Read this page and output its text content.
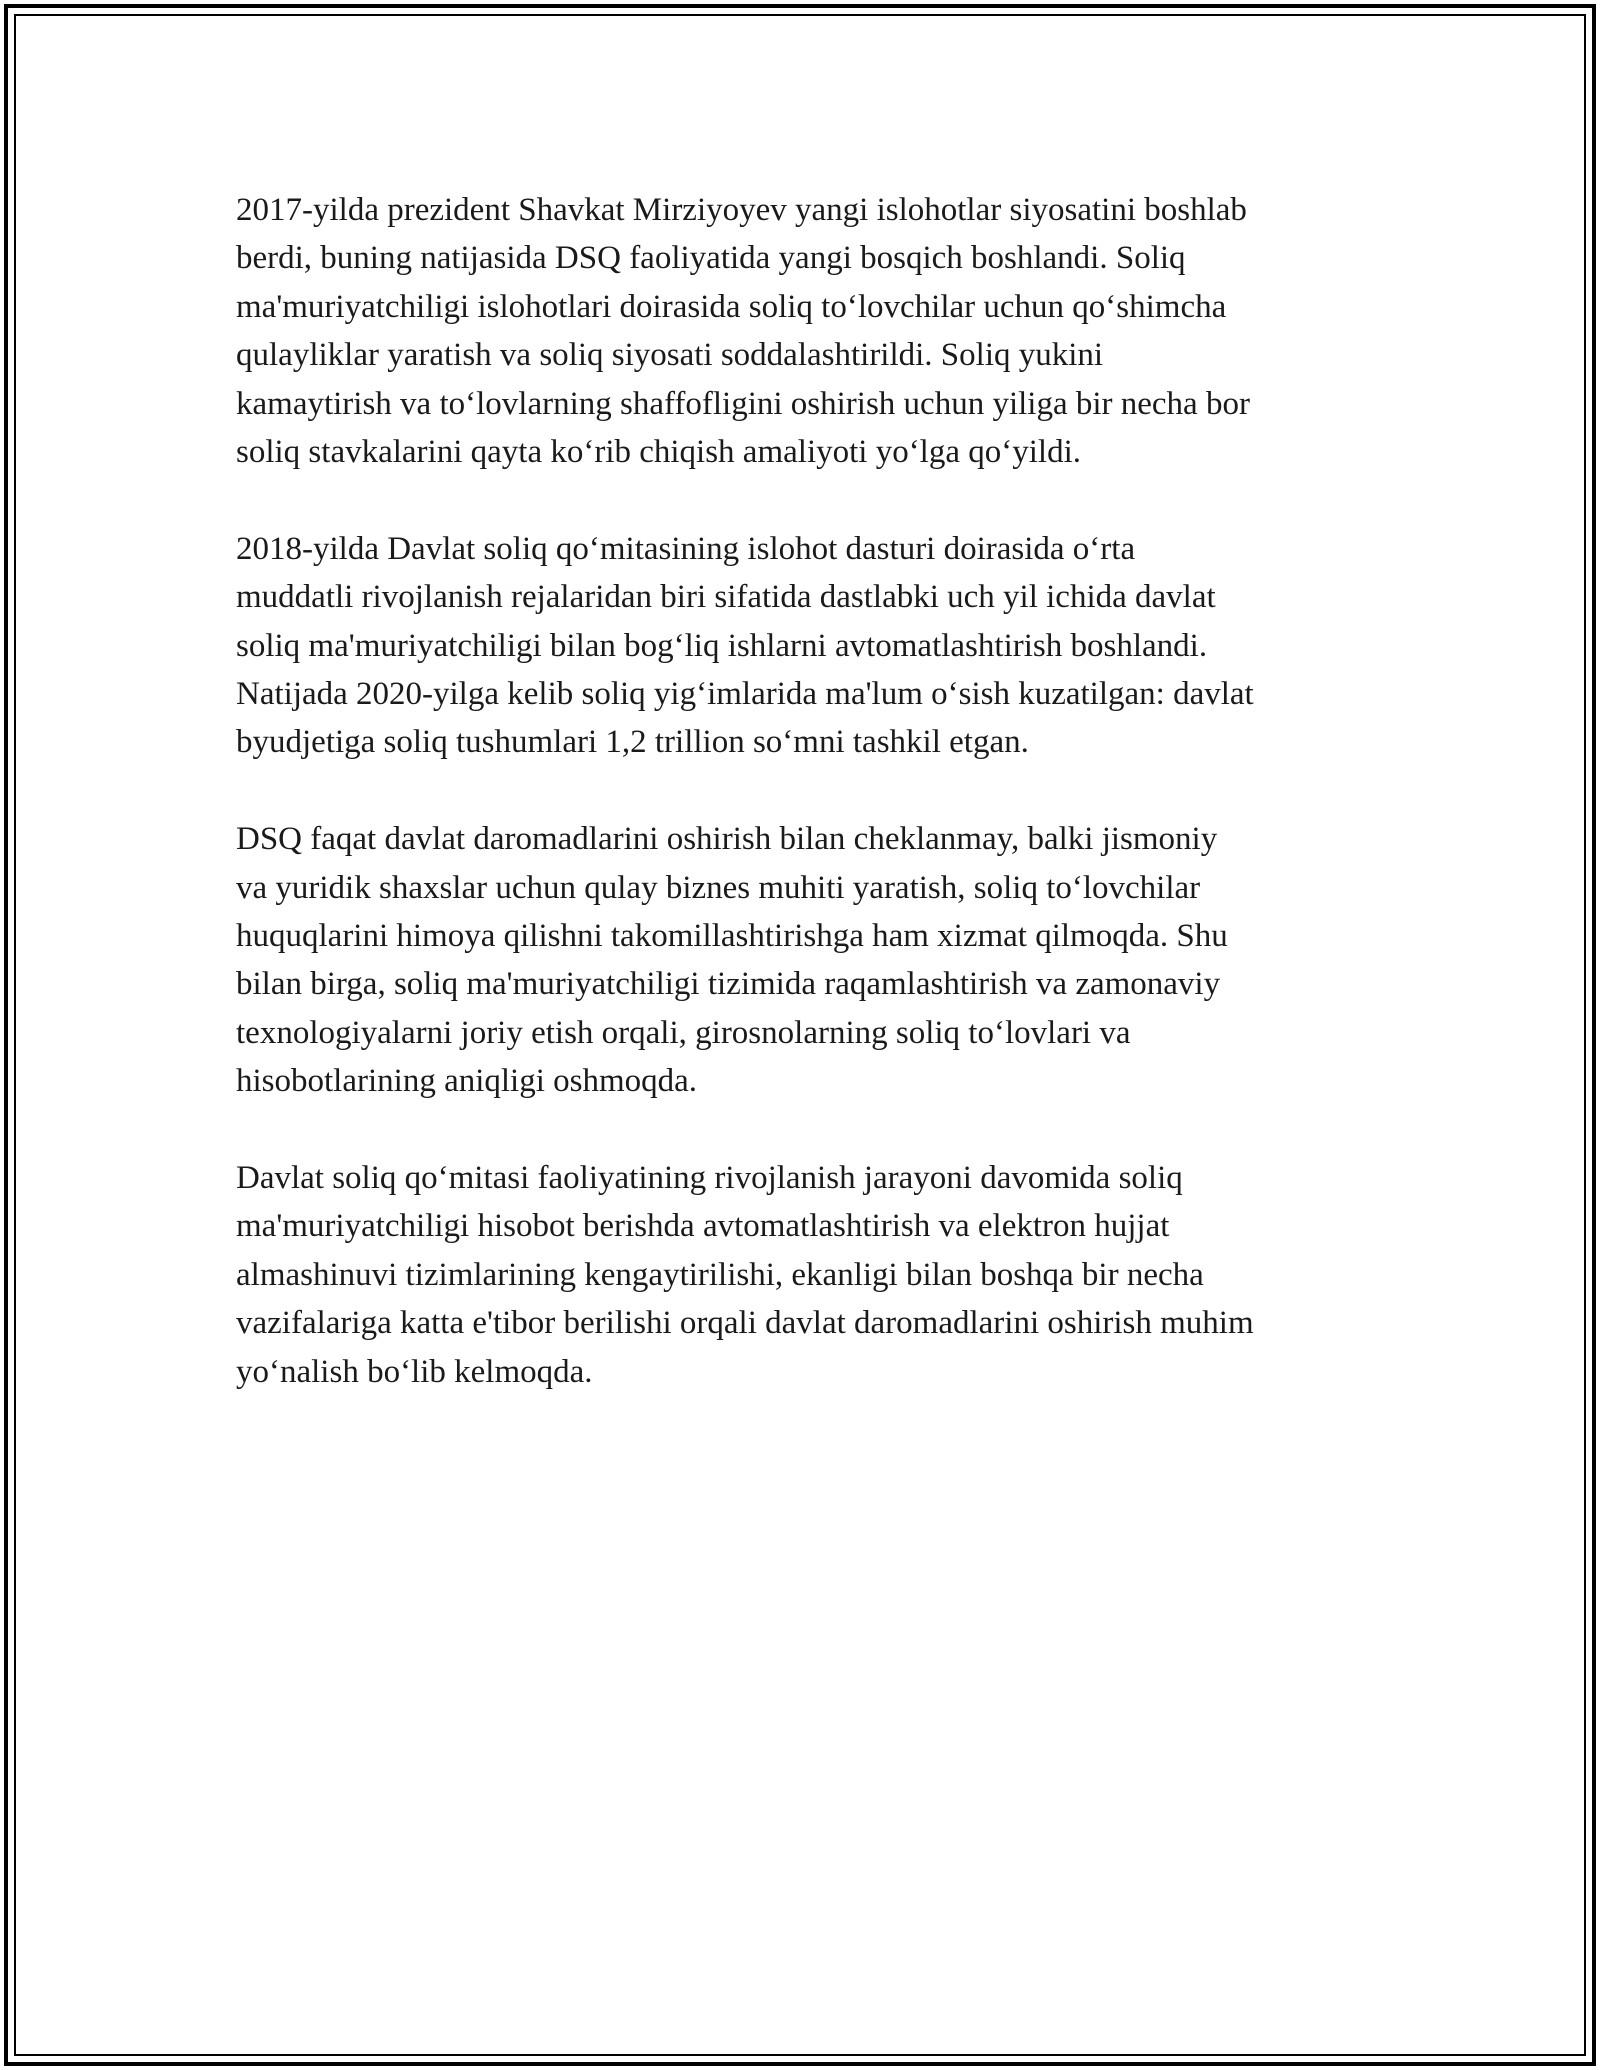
2017-yilda prezident Shavkat Mirziyoyev yangi islohotlar siyosatini boshlab
berdi, buning natijasida DSQ faoliyatida yangi bosqich boshlandi. Soliq
ma'muriyatchiligi islohotlari doirasida soliq to‘lovchilar uchun qo‘shimcha
qulayliklar yaratish va soliq siyosati soddalashtirildi. Soliq yukini
kamaytirish va to‘lovlarning shaffofligini oshirish uchun yiliga bir necha bor
soliq stavkalarini qayta ko‘rib chiqish amaliyoti yo‘lga qo‘yildi.

2018-yilda Davlat soliq qo‘mitasining islohot dasturi doirasida o‘rta
muddatli rivojlanish rejalaridan biri sifatida dastlabki uch yil ichida davlat
soliq ma'muriyatchiligi bilan bog‘liq ishlarni avtomatlashtirish boshlandi.
Natijada 2020-yilga kelib soliq yig‘imlarida ma'lum o‘sish kuzatilgan: davlat
byudjetiga soliq tushumlari 1,2 trillion so‘mni tashkil etgan.

DSQ faqat davlat daromadlarini oshirish bilan cheklanmay, balki jismoniy
va yuridik shaxslar uchun qulay biznes muhiti yaratish, soliq to‘lovchilar
huquqlarini himoya qilishni takomillashtirishga ham xizmat qilmoqda. Shu
bilan birga, soliq ma'muriyatchiligi tizimida raqamlashtirish va zamonaviy
texnologiyalarni joriy etish orqali, girosnolarning soliq to‘lovlari va
hisobotlarining aniqligi oshmoqda.

Davlat soliq qo‘mitasi faoliyatining rivojlanish jarayoni davomida soliq
ma'muriyatchiligi hisobot berishda avtomatlashtirish va elektron hujjat
almashinuvi tizimlarining kengaytirilishi, ekanligi bilan boshqa bir necha
vazifalariga katta e'tibor berilishi orqali davlat daromadlarini oshirish muhim
yo‘nalish bo‘lib kelmoqda.
